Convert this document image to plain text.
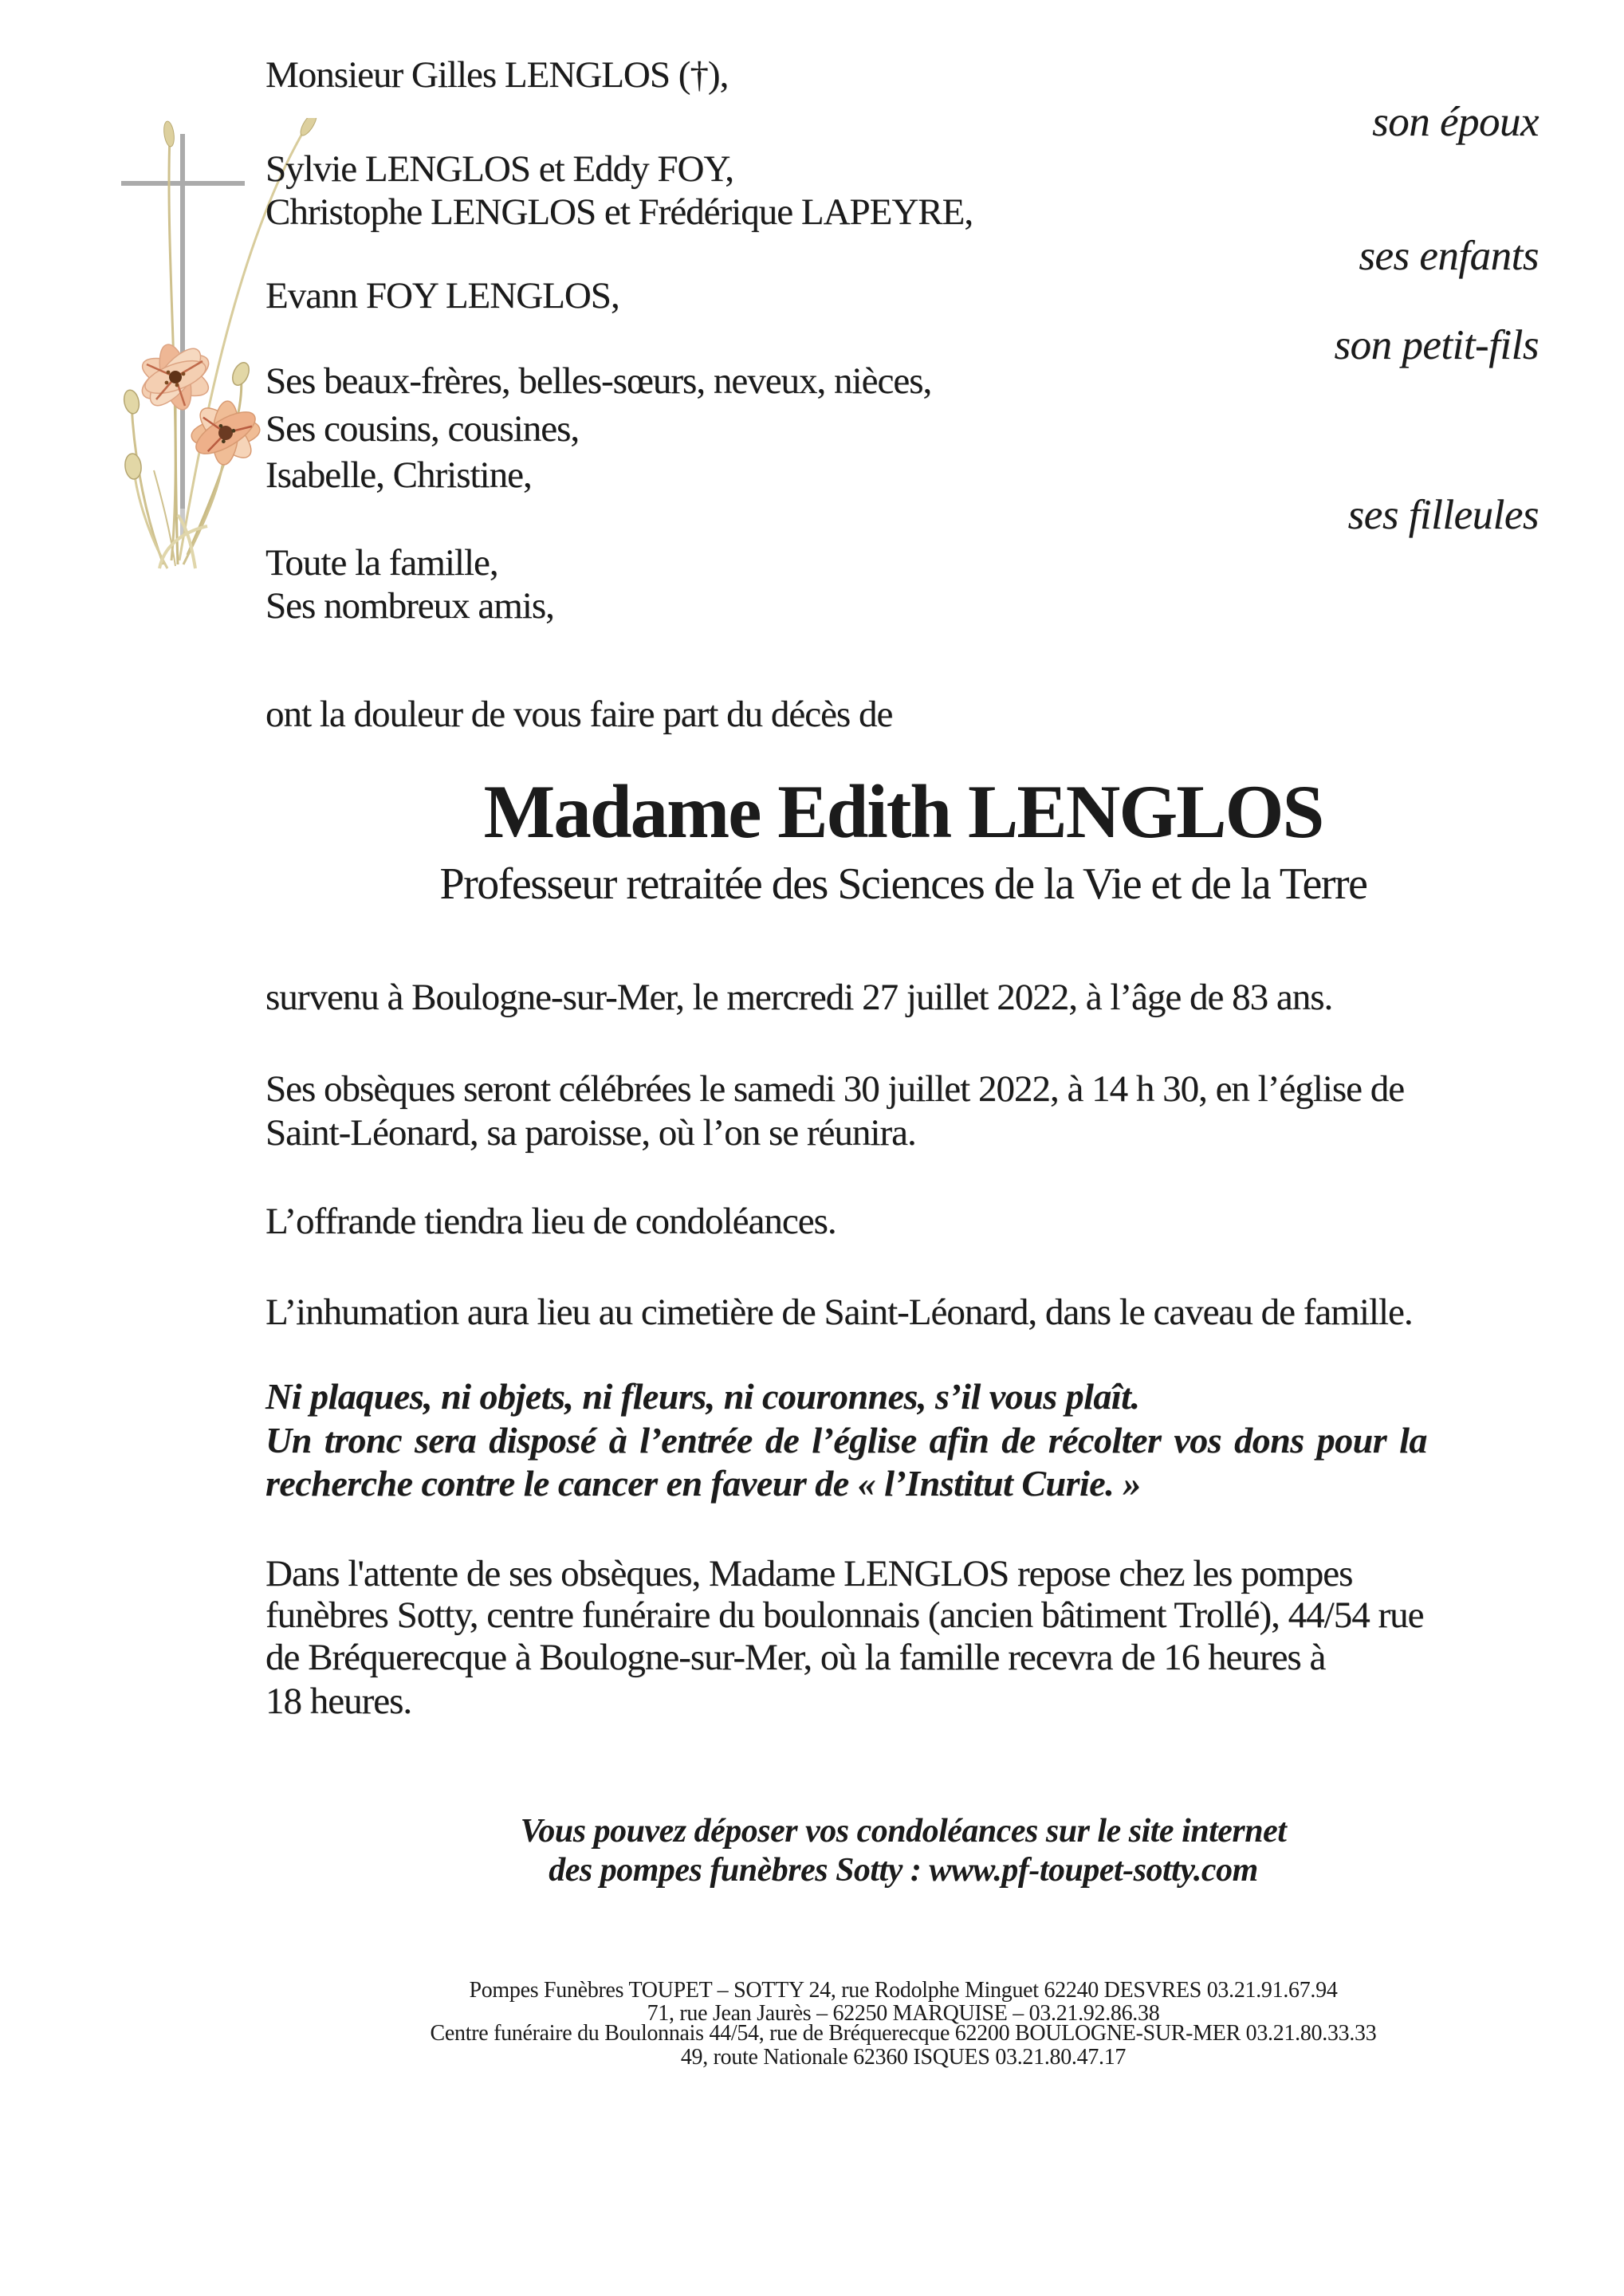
Monsieur Gilles LENGLOS (†),
son époux
Sylvie LENGLOS et Eddy FOY,
Christophe LENGLOS et Frédérique LAPEYRE,
ses enfants
Evann FOY LENGLOS,
son petit-fils
Ses beaux-frères, belles-sœurs, neveux, nièces,
Ses cousins, cousines,
Isabelle, Christine,
ses filleules
Toute la famille,
Ses nombreux amis,
ont la douleur de vous faire part du décès de
Madame Edith LENGLOS
Professeur retraitée des Sciences de la Vie et de la Terre
survenu à Boulogne-sur-Mer, le mercredi 27 juillet 2022, à l’âge de 83 ans.
Ses obsèques seront célébrées le samedi 30 juillet 2022, à 14 h 30, en l’église de
Saint-Léonard, sa paroisse, où l’on se réunira.
L’offrande tiendra lieu de condoléances.
L’inhumation aura lieu au cimetière de Saint-Léonard, dans le caveau de famille.
Ni plaques, ni objets, ni fleurs, ni couronnes, s’il vous plaît.
Un tronc sera disposé à l’entrée de l’église afin de récolter vos dons pour la
recherche contre le cancer en faveur de « l’Institut Curie. »
Dans l'attente de ses obsèques, Madame LENGLOS repose chez les pompes
funèbres Sotty, centre funéraire du boulonnais (ancien bâtiment Trollé), 44/54 rue
de Bréquerecque à Boulogne-sur-Mer, où la famille recevra de 16 heures à
18 heures.
Vous pouvez déposer vos condoléances sur le site internet
des pompes funèbres Sotty : www.pf-toupet-sotty.com
Pompes Funèbres TOUPET – SOTTY 24, rue Rodolphe Minguet 62240 DESVRES 03.21.91.67.94
71, rue Jean Jaurès – 62250 MARQUISE – 03.21.92.86.38
Centre funéraire du Boulonnais 44/54, rue de Bréquerecque 62200 BOULOGNE-SUR-MER 03.21.80.33.33
49, route Nationale 62360 ISQUES 03.21.80.47.17
